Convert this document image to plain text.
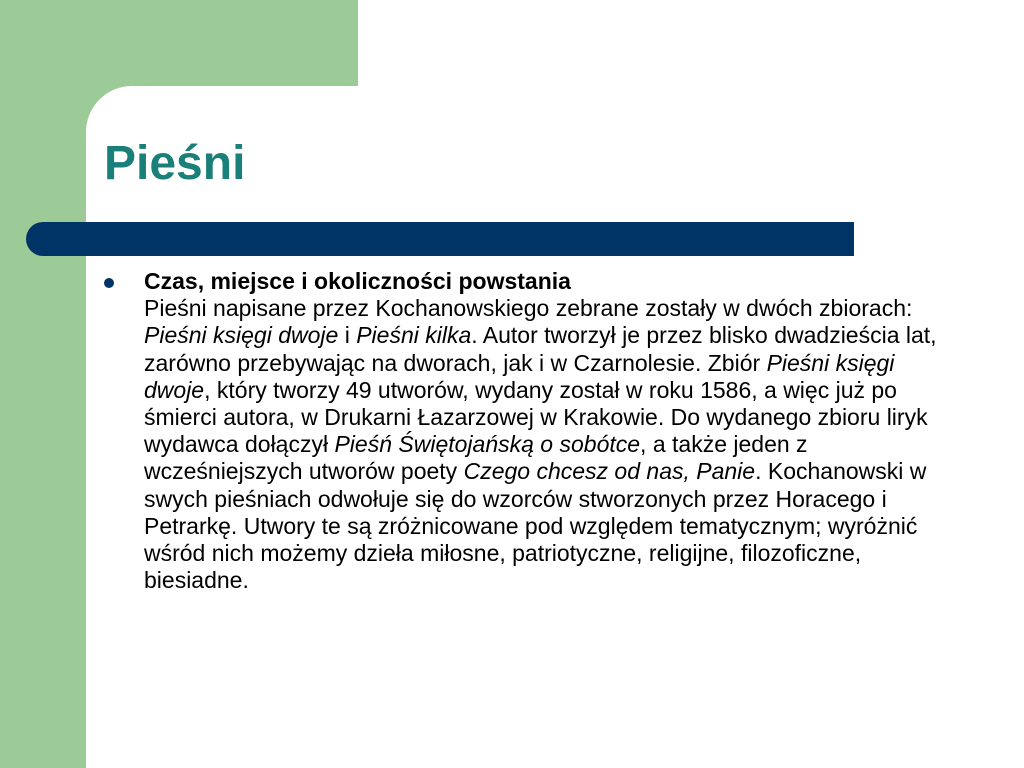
Pieśni
Czas, miejsce i okoliczności powstania
Pieśni napisane przez Kochanowskiego zebrane zostały w dwóch zbiorach: Pieśni księgi dwoje i Pieśni kilka. Autor tworzył je przez blisko dwadzieścia lat, zarówno przebywając na dworach, jak i w Czarnolesie. Zbiór Pieśni księgi dwoje, który tworzy 49 utworów, wydany został w roku 1586, a więc już po śmierci autora, w Drukarni Łazarzowej w Krakowie. Do wydanego zbioru liryk wydawca dołączył Pieśń Świętojańską o sobótce, a także jeden z wcześniejszych utworów poety Czego chcesz od nas, Panie. Kochanowski w swych pieśniach odwołuje się do wzorców stworzonych przez Horacego i Petrarkę. Utwory te są zróżnicowane pod względem tematycznym; wyróżnić wśród nich możemy dzieła miłosne, patriotyczne, religijne, filozoficzne, biesiadne.
